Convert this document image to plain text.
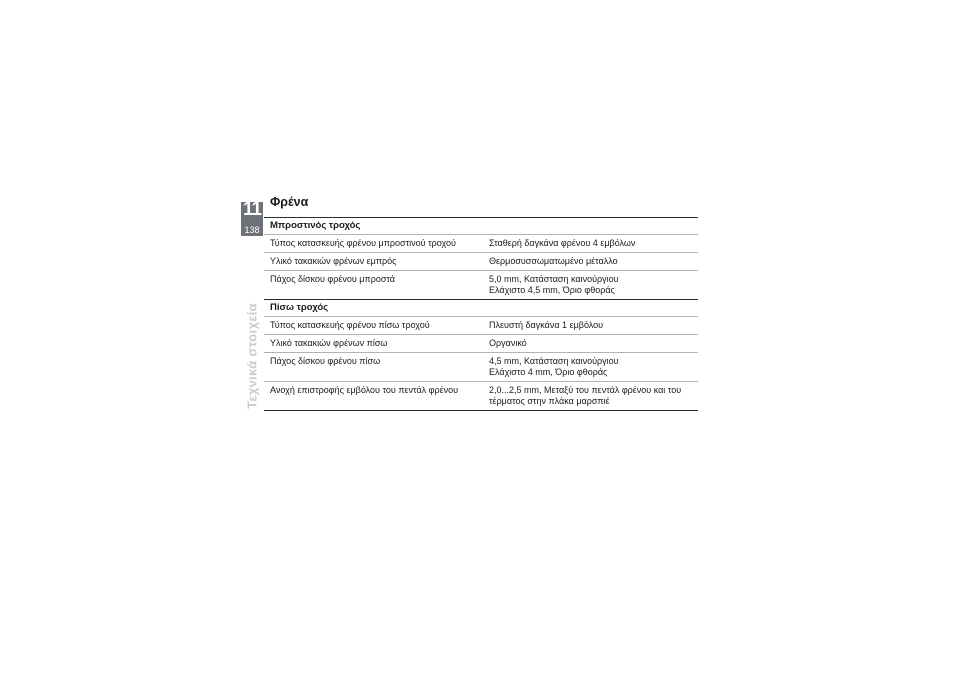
11
138
Τεχνικά στοιχεία
Φρένα
Μπροστινός τροχός	
Τύπος κατασκευής φρένου μπροστινού τροχού	Σταθερή δαγκάνα φρένου 4 εμβόλων

Υλικό τακακιών φρένων εμπρός	Θερμοσυσσωματωμένο μέταλλο

Πάχος δίσκου φρένου μπροστά	5,0 mm, Κατάσταση καινούργιου
Ελάχιστο 4,5 mm, Όριο φθοράς

Πίσω τροχός	
Τύπος κατασκευής φρένου πίσω τροχού	Πλευστή δαγκάνα 1 εμβόλου

Υλικό τακακιών φρένων πίσω	Οργανικό

Πάχος δίσκου φρένου πίσω	4,5 mm, Κατάσταση καινούργιου
Ελάχιστο 4 mm, Όριο φθοράς

Ανοχή επιστροφής εμβόλου του πεντάλ φρένου	2,0...2,5 mm, Μεταξύ του πεντάλ φρένου και του
τέρματος στην πλάκα μαρσπιέ
